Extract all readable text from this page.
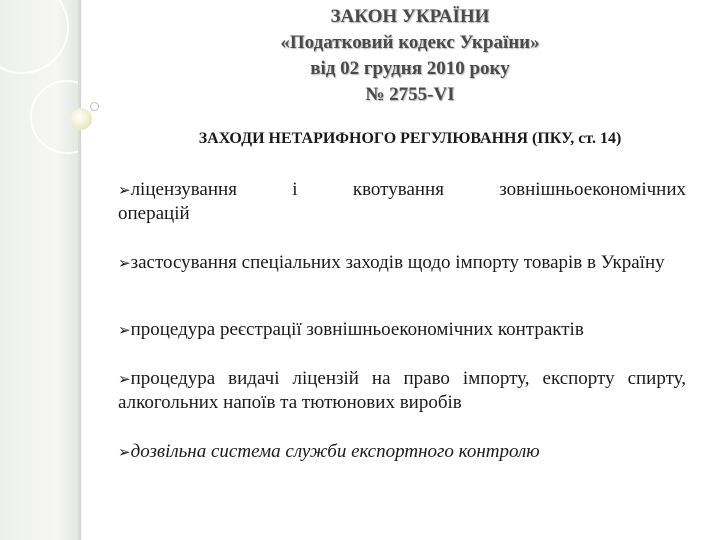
ЗАКОН УКРАЇНИ
«Податковий кодекс України»
від 02 грудня 2010 року
№ 2755-VI
ЗАХОДИ НЕТАРИФНОГО РЕГУЛЮВАННЯ (ПКУ, ст. 14)
➢ліцензування і квотування зовнішньоекономічних
операцій
➢застосування спеціальних заходів щодо імпорту товарів в Україну
➢процедура реєстрації зовнішньоекономічних контрактів
➢процедура видачі ліцензій на право імпорту, експорту спирту, алкогольних напоїв та тютюнових виробів
➢дозвільна система служби експортного контролю
